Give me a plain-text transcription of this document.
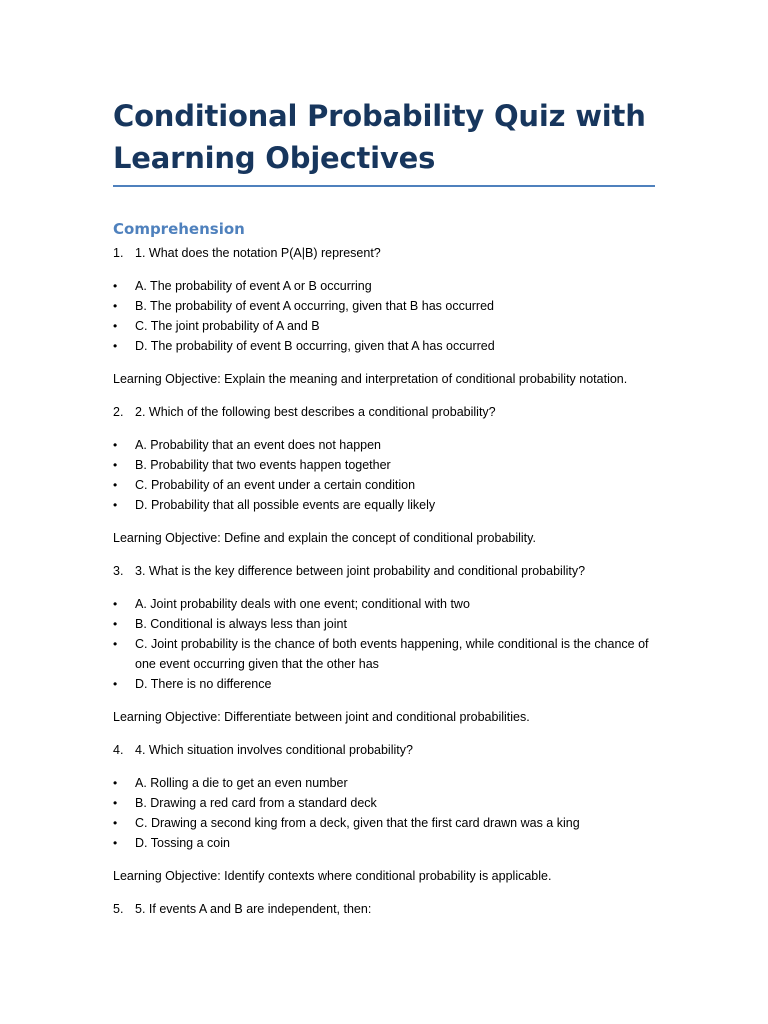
Conditional Probability Quiz with Learning Objectives
Comprehension
1. 1. What does the notation P(A|B) represent?
•	A. The probability of event A or B occurring
•	B. The probability of event A occurring, given that B has occurred
•	C. The joint probability of A and B
•	D. The probability of event B occurring, given that A has occurred

Learning Objective: Explain the meaning and interpretation of conditional probability notation.

2. 2. Which of the following best describes a conditional probability?
•	A. Probability that an event does not happen
•	B. Probability that two events happen together
•	C. Probability of an event under a certain condition
•	D. Probability that all possible events are equally likely

Learning Objective: Define and explain the concept of conditional probability.

3. 3. What is the key difference between joint probability and conditional probability?
•	A. Joint probability deals with one event; conditional with two
•	B. Conditional is always less than joint
•	C. Joint probability is the chance of both events happening, while conditional is the chance of one event occurring given that the other has
•	D. There is no difference

Learning Objective: Differentiate between joint and conditional probabilities.

4. 4. Which situation involves conditional probability?
•	A. Rolling a die to get an even number
•	B. Drawing a red card from a standard deck
•	C. Drawing a second king from a deck, given that the first card drawn was a king
•	D. Tossing a coin

Learning Objective: Identify contexts where conditional probability is applicable.

5. 5. If events A and B are independent, then:
